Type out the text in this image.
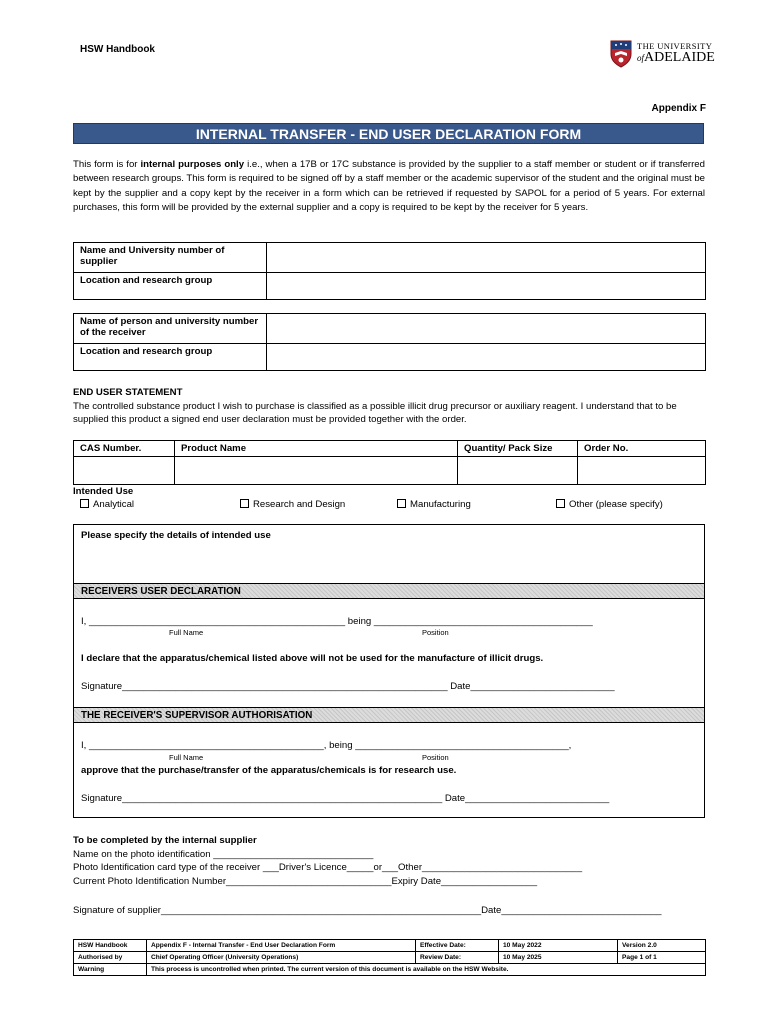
HSW Handbook	THE UNIVERSITY
ofADELAIDE
Appendix F
INTERNAL TRANSFER - END USER DECLARATION FORM
This form is for internal purposes only i.e., when a 17B or 17C substance is provided by the supplier to a staff member or student or if transferred between research groups. This form is required to be signed off by a staff member or the academic supervisor of the student and the original must be kept by the supplier and a copy kept by the receiver in a form which can be retrieved if requested by SAPOL for a period of 5 years. For external purchases, this form will be provided by the external supplier and a copy is required to be kept by the receiver for 5 years.
Name and University number of supplier	
Location and research group	
Name of person and university number of the receiver	
Location and research group	
END USER STATEMENT
The controlled substance product I wish to purchase is classified as a possible illicit drug precursor or auxiliary reagent. I understand that to be supplied this product a signed end user declaration must be provided together with the order.
CAS Number.	Product Name	Quantity/ Pack Size	Order No.

Intended Use
Analytical	Research and Design	Manufacturing	Other (please specify)
Please specify the details of intended use
RECEIVERS USER DECLARATION
I, ________________________________________________ being _________________________________________
Full Name	Position
I declare that the apparatus/chemical listed above will not be used for the manufacture of illicit drugs.
Signature_____________________________________________________________ Date___________________________
THE RECEIVER'S SUPERVISOR AUTHORISATION
I, ____________________________________________, being ________________________________________,
Full Name	Position
approve that the purchase/transfer of the apparatus/chemicals is for research use.
Signature____________________________________________________________ Date___________________________
To be completed by the internal supplier
Name on the photo identification ______________________________
Photo Identification card type of the receiver ___Driver's Licence_____or___Other______________________________
Current Photo Identification Number_______________________________Expiry Date__________________
Signature of supplier____________________________________________________________Date______________________________
HSW Handbook	Appendix F - Internal Transfer - End User Declaration Form	Effective Date:	10 May 2022	Version 2.0
Authorised by	Chief Operating Officer (University Operations)	Review Date:	10 May 2025	Page 1 of 1
Warning	This process is uncontrolled when printed. The current version of this document is available on the HSW Website.			
